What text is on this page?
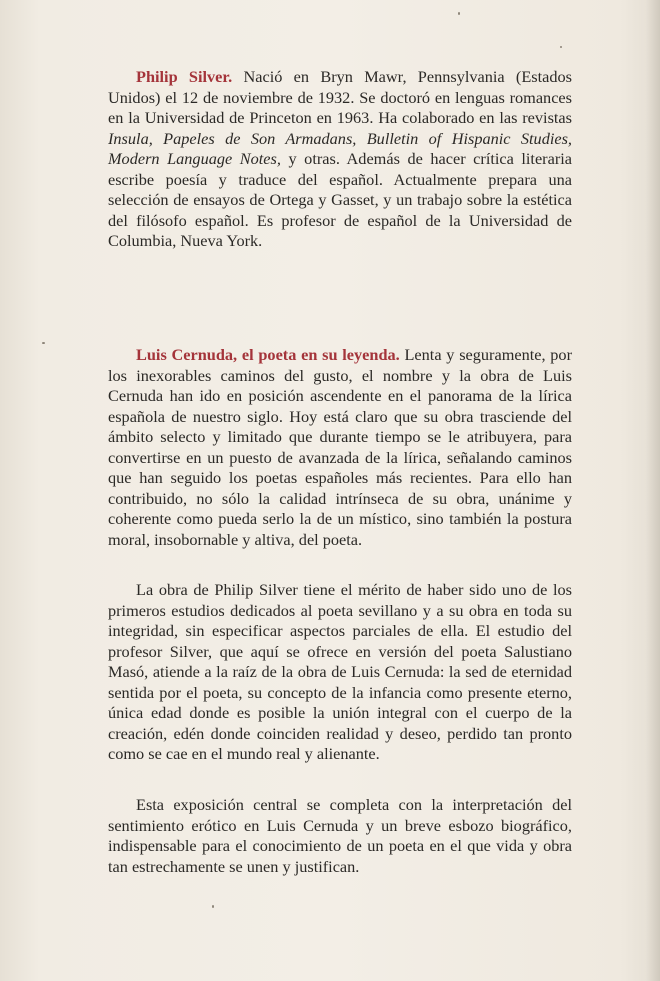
Philip Silver. Nació en Bryn Mawr, Pennsylvania (Estados Unidos) el 12 de noviembre de 1932. Se doctoró en lenguas romances en la Universidad de Princeton en 1963. Ha colaborado en las revistas Insula, Papeles de Son Armadans, Bulletin of Hispanic Studies, Modern Language Notes, y otras. Además de hacer crítica literaria escribe poesía y traduce del español. Actualmente prepara una selección de ensayos de Ortega y Gasset, y un trabajo sobre la estética del filósofo español. Es profesor de español de la Universidad de Columbia, Nueva York.

Luis Cernuda, el poeta en su leyenda. Lenta y seguramente, por los inexorables caminos del gusto, el nombre y la obra de Luis Cernuda han ido en posición ascendente en el panorama de la lírica española de nuestro siglo. Hoy está claro que su obra trasciende del ámbito selecto y limitado que durante tiempo se le atribuyera, para convertirse en un puesto de avanzada de la lírica, señalando caminos que han seguido los poetas españoles más recientes. Para ello han contribuido, no sólo la calidad intrínseca de su obra, unánime y coherente como pueda serlo la de un místico, sino también la postura moral, insobornable y altiva, del poeta.

La obra de Philip Silver tiene el mérito de haber sido uno de los primeros estudios dedicados al poeta sevillano y a su obra en toda su integridad, sin especificar aspectos parciales de ella. El estudio del profesor Silver, que aquí se ofrece en versión del poeta Salustiano Masó, atiende a la raíz de la obra de Luis Cernuda: la sed de eternidad sentida por el poeta, su concepto de la infancia como presente eterno, única edad donde es posible la unión integral con el cuerpo de la creación, edén donde coinciden realidad y deseo, perdido tan pronto como se cae en el mundo real y alienante.

Esta exposición central se completa con la interpretación del sentimiento erótico en Luis Cernuda y un breve esbozo biográfico, indispensable para el conocimiento de un poeta en el que vida y obra tan estrechamente se unen y justifican.
